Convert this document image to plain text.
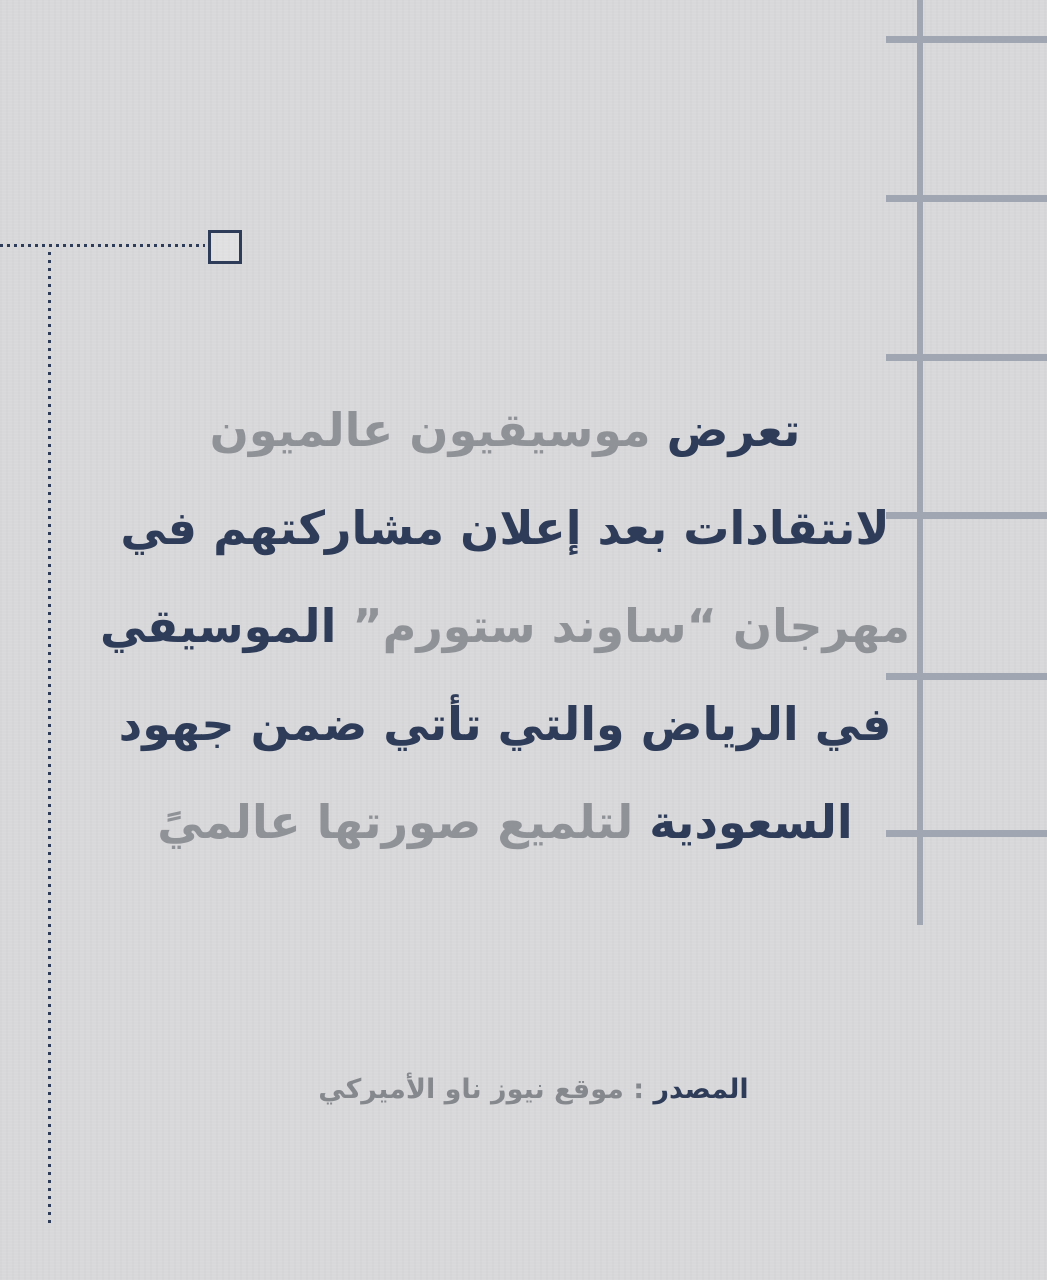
تعرض موسيقيون عالميون
لانتقادات بعد إعلان مشاركتهم في
مهرجان “ساوند ستورم” الموسيقي
في الرياض والتي تأتي ضمن جهود
السعودية لتلميع صورتها عالميً
المصدر : موقع نيوز ناو الأميركي
